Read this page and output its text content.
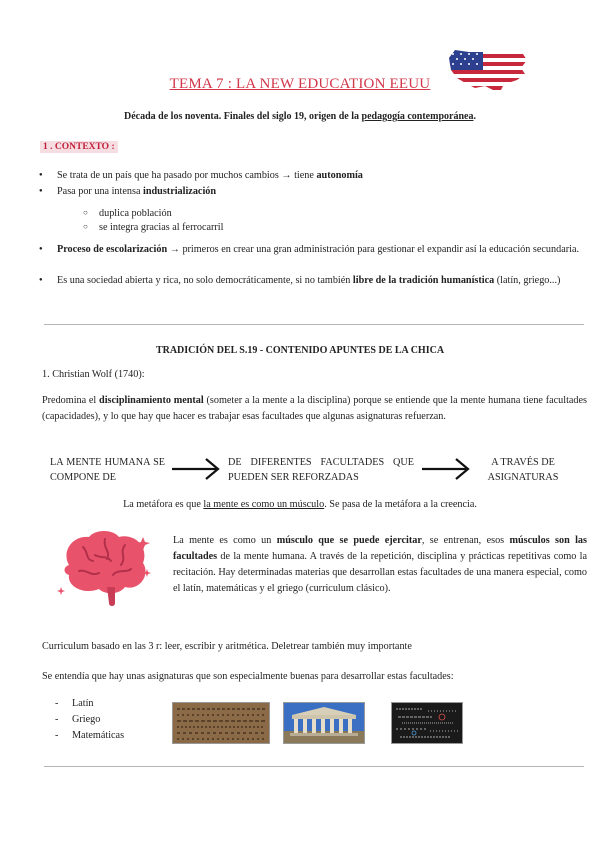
TEMA 7 : LA NEW EDUCATION EEUU
Década de los noventa. Finales del siglo 19, origen de la pedagogía contemporánea.
1 . CONTEXTO :
● Se trata de un país que ha pasado por muchos cambios → tiene autonomía
● Pasa por una intensa industrialización
○ duplica población
○ se integra gracias al ferrocarril
● Proceso de escolarización → primeros en crear una gran administración para gestionar el expandir así la educación secundaria.
● Es una sociedad abierta y rica, no solo democráticamente, si no también libre de la tradición humanística (latín, griego...)
TRADICIÓN DEL S.19 - CONTENIDO APUNTES DE LA CHICA
1. Christian Wolf (1740):
Predomina el disciplinamiento mental (someter a la mente a la disciplina) porque se entiende que la mente humana tiene facultades (capacidades), y lo que hay que hacer es trabajar esas facultades que algunas asignaturas refuerzan.
LA MENTE HUMANA SE COMPONE DE
DE DIFERENTES FACULTADES QUE PUEDEN SER REFORZADAS
A TRAVÉS DE ASIGNATURAS
La metáfora es que la mente es como un músculo. Se pasa de la metáfora a la creencia.
La mente es como un músculo que se puede ejercitar, se entrenan, esos músculos son las facultades de la mente humana. A través de la repetición, disciplina y prácticas repetitivas como la recitación. Hay determinadas materias que desarrollan estas facultades de una manera especial, como el latín, matemáticas y el griego (curriculum clásico).
Curriculum basado en las 3 r: leer, escribir y aritmética. Deletrear también muy importante
Se entendía que hay unas asignaturas que son especialmente buenas para desarrollar estas facultades:
- Latín
- Griego
- Matemáticas
